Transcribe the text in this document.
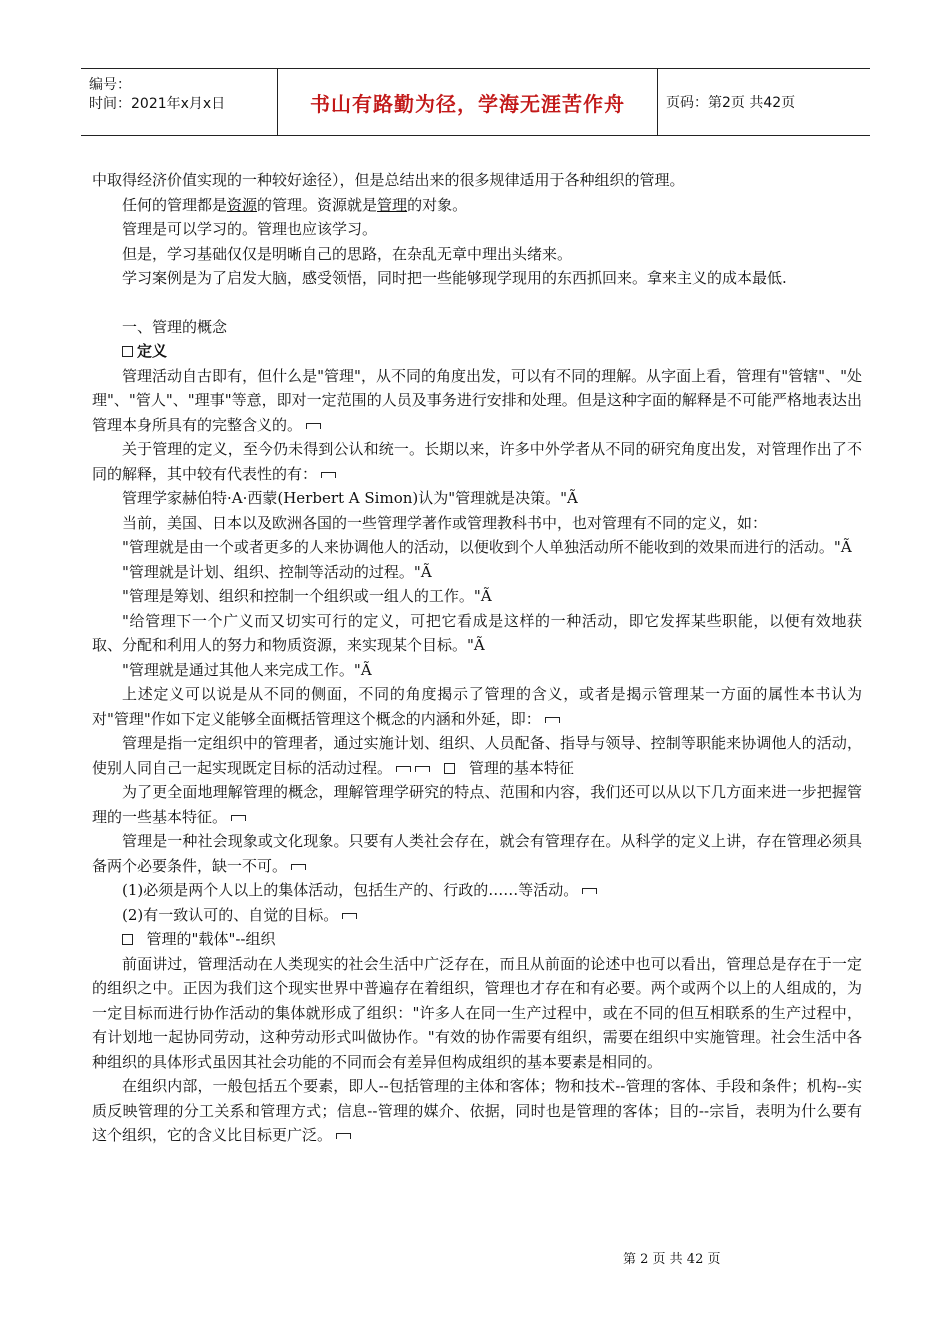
编号：
时间：2021年x月x日	书山有路勤为径，学海无涯苦作舟	页码：第2页 共42页

中取得经济价值实现的一种较好途径），但是总结出来的很多规律适用于各种组织的管理。

任何的管理都是资源的管理。资源就是管理的对象。

管理是可以学习的。管理也应该学习。

但是，学习基础仅仅是明晰自己的思路，在杂乱无章中理出头绪来。

学习案例是为了启发大脑，感受领悟，同时把一些能够现学现用的东西抓回来。拿来主义的成本最低.

一、管理的概念

定义

管理活动自古即有，但什么是"管理"，从不同的角度出发，可以有不同的理解。从字面上看，管理有"管辖"、"处理"、"管人"、"理事"等意，即对一定范围的人员及事务进行安排和处理。但是这种字面的解释是不可能严格地表达出管理本身所具有的完整含义的。

关于管理的定义，至今仍未得到公认和统一。长期以来，许多中外学者从不同的研究角度出发，对管理作出了不同的解释，其中较有代表性的有：

管理学家赫伯特·A·西蒙(Herbert A Simon)认为"管理就是决策。"Ã

当前，美国、日本以及欧洲各国的一些管理学著作或管理教科书中，也对管理有不同的定义，如：

"管理就是由一个或者更多的人来协调他人的活动，以便收到个人单独活动所不能收到的效果而进行的活动。"Ã

"管理就是计划、组织、控制等活动的过程。"Ã

"管理是筹划、组织和控制一个组织或一组人的工作。"Ã

"给管理下一个广义而又切实可行的定义，可把它看成是这样的一种活动，即它发挥某些职能，以便有效地获取、分配和利用人的努力和物质资源，来实现某个目标。"Ã

"管理就是通过其他人来完成工作。"Ã

上述定义可以说是从不同的侧面，不同的角度揭示了管理的含义，或者是揭示管理某一方面的属性本书认为对"管理"作如下定义能够全面概括管理这个概念的内涵和外延，即：

管理是指一定组织中的管理者，通过实施计划、组织、人员配备、指导与领导、控制等职能来协调他人的活动，使别人同自己一起实现既定目标的活动过程。	管理的基本特征

为了更全面地理解管理的概念，理解管理学研究的特点、范围和内容，我们还可以从以下几方面来进一步把握管理的一些基本特征。

管理是一种社会现象或文化现象。只要有人类社会存在，就会有管理存在。从科学的定义上讲，存在管理必须具备两个必要条件，缺一不可。

(1)必须是两个人以上的集体活动，包括生产的、行政的……等活动。

(2)有一致认可的、自觉的目标。

管理的"载体"--组织

前面讲过，管理活动在人类现实的社会生活中广泛存在，而且从前面的论述中也可以看出，管理总是存在于一定的组织之中。正因为我们这个现实世界中普遍存在着组织，管理也才存在和有必要。两个或两个以上的人组成的，为一定目标而进行协作活动的集体就形成了组织："许多人在同一生产过程中，或在不同的但互相联系的生产过程中，有计划地一起协同劳动，这种劳动形式叫做协作。"有效的协作需要有组织，需要在组织中实施管理。社会生活中各种组织的具体形式虽因其社会功能的不同而会有差异但构成组织的基本要素是相同的。

在组织内部，一般包括五个要素，即人--包括管理的主体和客体；物和技术--管理的客体、手段和条件；机构--实质反映管理的分工关系和管理方式；信息--管理的媒介、依据，同时也是管理的客体；目的--宗旨，表明为什么要有这个组织，它的含义比目标更广泛。

第 2 页 共 42 页
